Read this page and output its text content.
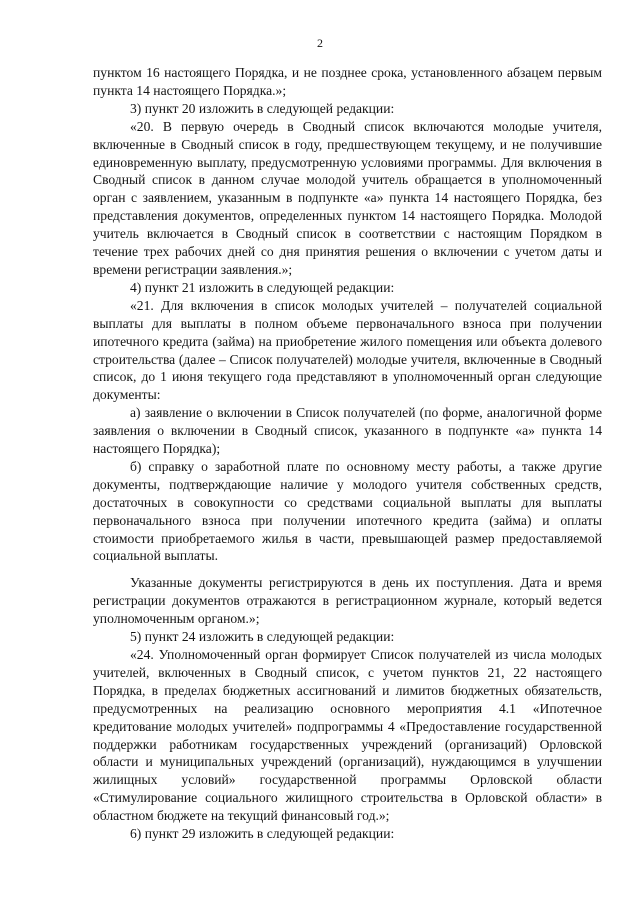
2

пунктом 16 настоящего Порядка, и не позднее срока, установленного абзацем первым пункта 14 настоящего Порядка.»;

3) пункт 20 изложить в следующей редакции:

«20. В первую очередь в Сводный список включаются молодые учителя, включенные в Сводный список в году, предшествующем текущему, и не получившие единовременную выплату, предусмотренную условиями программы. Для включения в Сводный список в данном случае молодой учитель обращается в уполномоченный орган с заявлением, указанным в подпункте «а» пункта 14 настоящего Порядка, без представления документов, определенных пунктом 14 настоящего Порядка. Молодой учитель включается в Сводный список в соответствии с настоящим Порядком в течение трех рабочих дней со дня принятия решения о включении с учетом даты и времени регистрации заявления.»;

4) пункт 21 изложить в следующей редакции:

«21. Для включения в список молодых учителей – получателей социальной выплаты для выплаты в полном объеме первоначального взноса при получении ипотечного кредита (займа) на приобретение жилого помещения или объекта долевого строительства (далее – Список получателей) молодые учителя, включенные в Сводный список, до 1 июня текущего года представляют в уполномоченный орган следующие документы:

а) заявление о включении в Список получателей (по форме, аналогичной форме заявления о включении в Сводный список, указанного в подпункте «а» пункта 14 настоящего Порядка);

б) справку о заработной плате по основному месту работы, а также другие документы, подтверждающие наличие у молодого учителя собственных средств, достаточных в совокупности со средствами социальной выплаты для выплаты первоначального взноса при получении ипотечного кредита (займа) и оплаты стоимости приобретаемого жилья в части, превышающей размер предоставляемой социальной выплаты.

Указанные документы регистрируются в день их поступления. Дата и время регистрации документов отражаются в регистрационном журнале, который ведется уполномоченным органом.»;

5) пункт 24 изложить в следующей редакции:

«24. Уполномоченный орган формирует Список получателей из числа молодых учителей, включенных в Сводный список, с учетом пунктов 21, 22 настоящего Порядка, в пределах бюджетных ассигнований и лимитов бюджетных обязательств, предусмотренных на реализацию основного мероприятия 4.1 «Ипотечное кредитование молодых учителей» подпрограммы 4 «Предоставление государственной поддержки работникам государственных учреждений (организаций) Орловской области и муниципальных учреждений (организаций), нуждающимся в улучшении жилищных условий» государственной программы Орловской области «Стимулирование социального жилищного строительства в Орловской области» в областном бюджете на текущий финансовый год.»;

6) пункт 29 изложить в следующей редакции:
